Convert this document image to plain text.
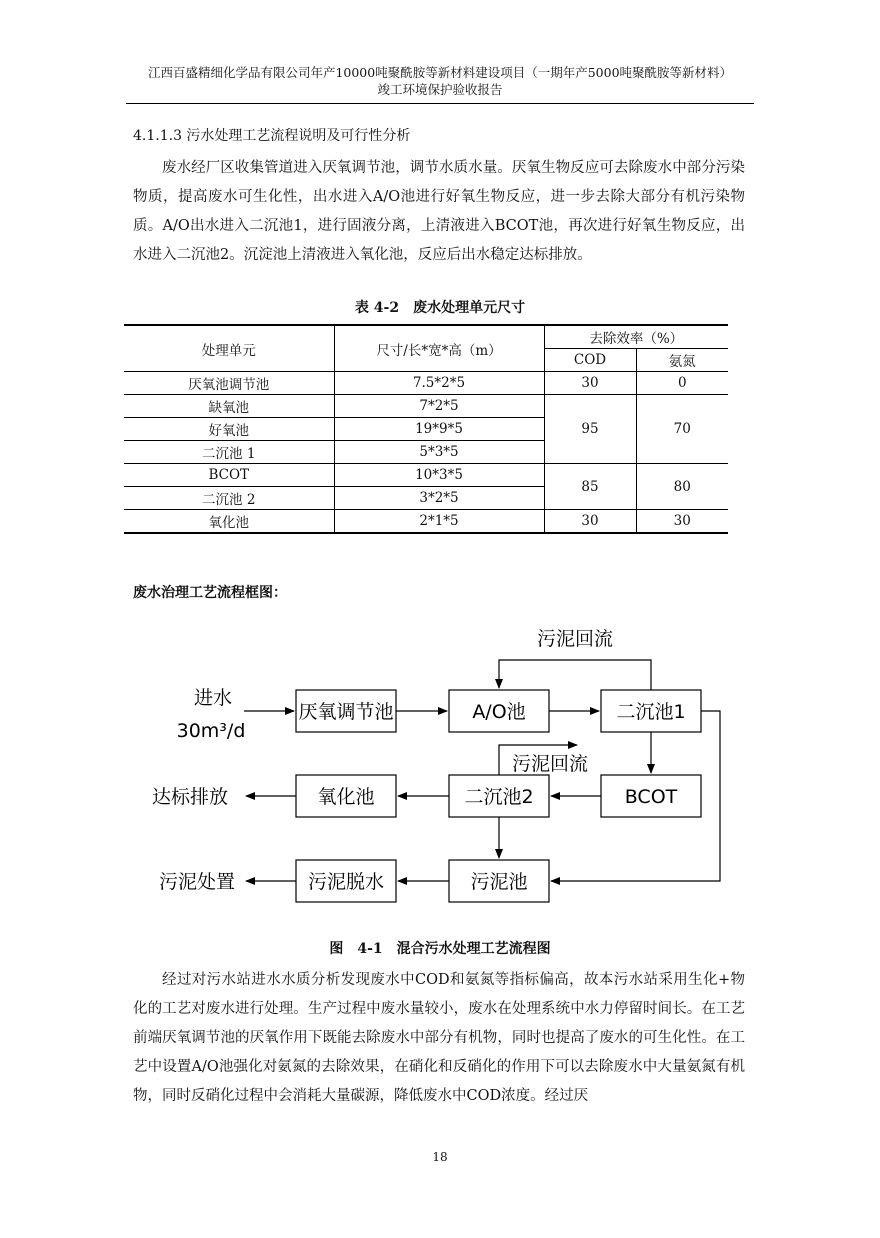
江西百盛精细化学品有限公司年产10000吨聚酰胺等新材料建设项目（一期年产5000吨聚酰胺等新材料）
竣工环境保护验收报告
4.1.1.3 污水处理工艺流程说明及可行性分析
废水经厂区收集管道进入厌氧调节池，调节水质水量。厌氧生物反应可去除废水中部分污染物质，提高废水可生化性，出水进入A/O池进行好氧生物反应，进一步去除大部分有机污染物质。A/O出水进入二沉池1，进行固液分离，上清液进入BCOT池，再次进行好氧生物反应，出水进入二沉池2。沉淀池上清液进入氧化池，反应后出水稳定达标排放。
表 4-2　废水处理单元尺寸
处理单元	尺寸/长*宽*高（m）	去除效率（%）	
		COD	氨氮
厌氧池调节池	7.5*2*5	30	0
缺氧池	7*2*5	95	70
好氧池	19*9*5		
二沉池 1	5*3*5		
BCOT	10*3*5	85	80
二沉池 2	3*2*5		
氧化池	2*1*5	30	30
废水治理工艺流程框图：
厌氧调节池	A/O池	二沉池1
BCOT
二沉池2
氧化池
污泥池
污泥脱水
进水
30m³/d
污泥回流
污泥回流
达标排放
污泥处置
图　4-1　混合污水处理工艺流程图
经过对污水站进水水质分析发现废水中COD和氨氮等指标偏高，故本污水站采用生化+物化的工艺对废水进行处理。生产过程中废水量较小，废水在处理系统中水力停留时间长。在工艺前端厌氧调节池的厌氧作用下既能去除废水中部分有机物，同时也提高了废水的可生化性。在工艺中设置A/O池强化对氨氮的去除效果，在硝化和反硝化的作用下可以去除废水中大量氨氮有机物，同时反硝化过程中会消耗大量碳源，降低废水中COD浓度。经过厌
18
